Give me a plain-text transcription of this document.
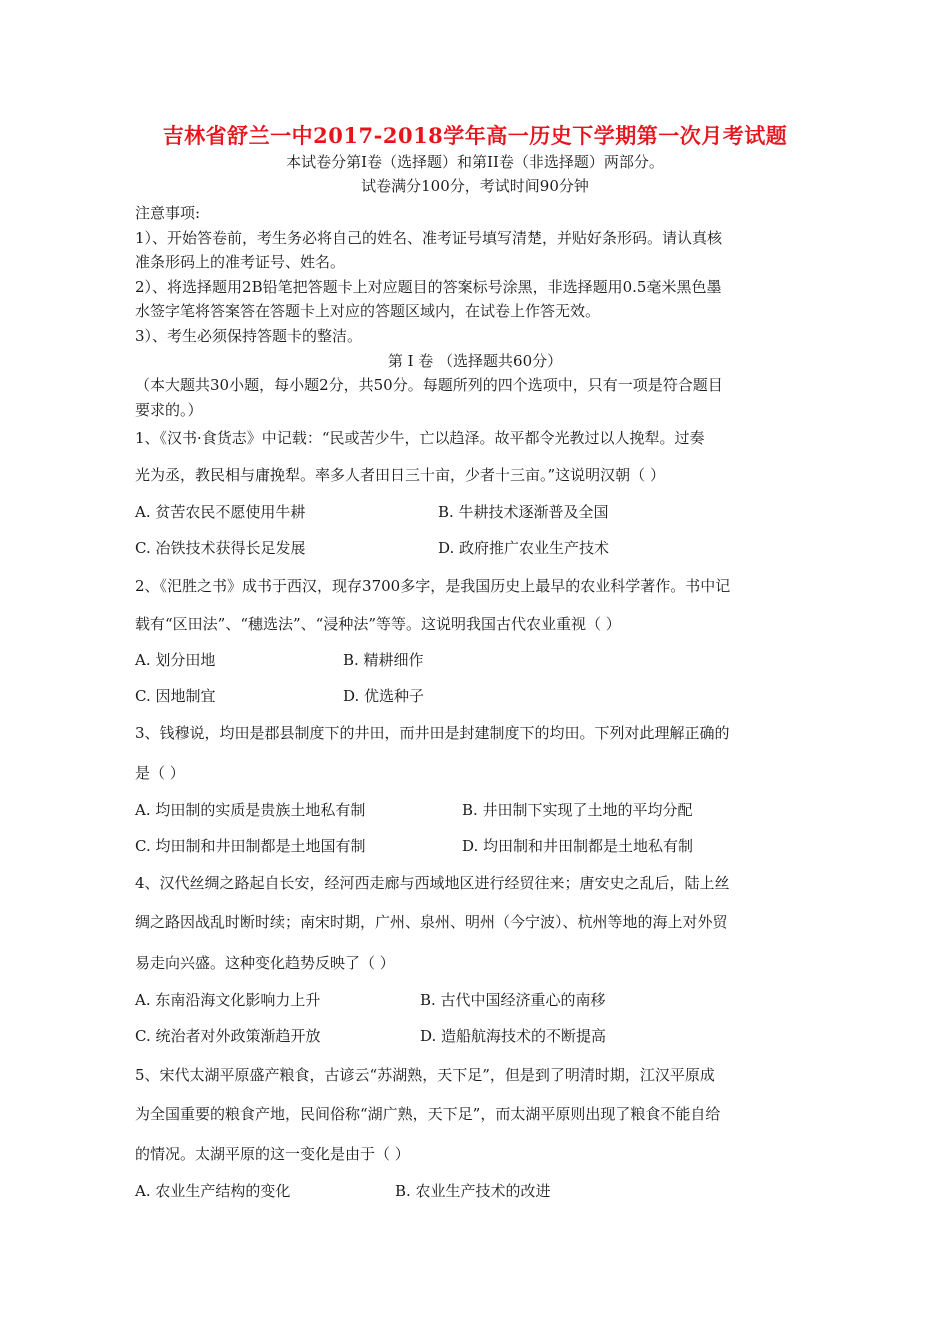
吉林省舒兰一中2017-2018学年高一历史下学期第一次月考试题
本试卷分第Ⅰ卷（选择题）和第II卷（非选择题）两部分。
试卷满分100分，考试时间90分钟
注意事项:
1）、开始答卷前，考生务必将自己的姓名、准考证号填写清楚，并贴好条形码。请认真核
准条形码上的准考证号、姓名。
2）、将选择题用2B铅笔把答题卡上对应题目的答案标号涂黑，非选择题用0.5毫米黑色墨
水签字笔将答案答在答题卡上对应的答题区域内，在试卷上作答无效。
3）、考生必须保持答题卡的整洁。
第 Ⅰ 卷 （选择题共60分）
（本大题共30小题，每小题2分，共50分。每题所列的四个选项中，只有一项是符合题目
要求的。）
1、《汉书·食货志》中记载：“民或苦少牛，亡以趋泽。故平都令光教过以人挽犁。过奏
光为丞，教民相与庸挽犁。率多人者田日三十亩，少者十三亩。”这说明汉朝（ ）
A. 贫苦农民不愿使用牛耕	B. 牛耕技术逐渐普及全国
C. 冶铁技术获得长足发展	D. 政府推广农业生产技术
2、《汜胜之书》成书于西汉，现存3700多字，是我国历史上最早的农业科学著作。书中记
载有“区田法”、“穗选法”、“浸种法”等等。这说明我国古代农业重视（ ）
A. 划分田地	B. 精耕细作
C. 因地制宜	D. 优选种子
3、钱穆说，均田是郡县制度下的井田，而井田是封建制度下的均田。下列对此理解正确的
是（ ）
A. 均田制的实质是贵族土地私有制	B. 井田制下实现了土地的平均分配
C. 均田制和井田制都是土地国有制	D. 均田制和井田制都是土地私有制
4、汉代丝绸之路起自长安，经河西走廊与西域地区进行经贸往来；唐安史之乱后，陆上丝
绸之路因战乱时断时续；南宋时期，广州、泉州、明州（今宁波）、杭州等地的海上对外贸
易走向兴盛。这种变化趋势反映了（ ）
A. 东南沿海文化影响力上升	B. 古代中国经济重心的南移
C. 统治者对外政策渐趋开放	D. 造船航海技术的不断提高
5、宋代太湖平原盛产粮食，古谚云“苏湖熟，天下足”，但是到了明清时期，江汉平原成
为全国重要的粮食产地，民间俗称“湖广熟，天下足”，而太湖平原则出现了粮食不能自给
的情况。太湖平原的这一变化是由于（ ）
A. 农业生产结构的变化	B. 农业生产技术的改进
